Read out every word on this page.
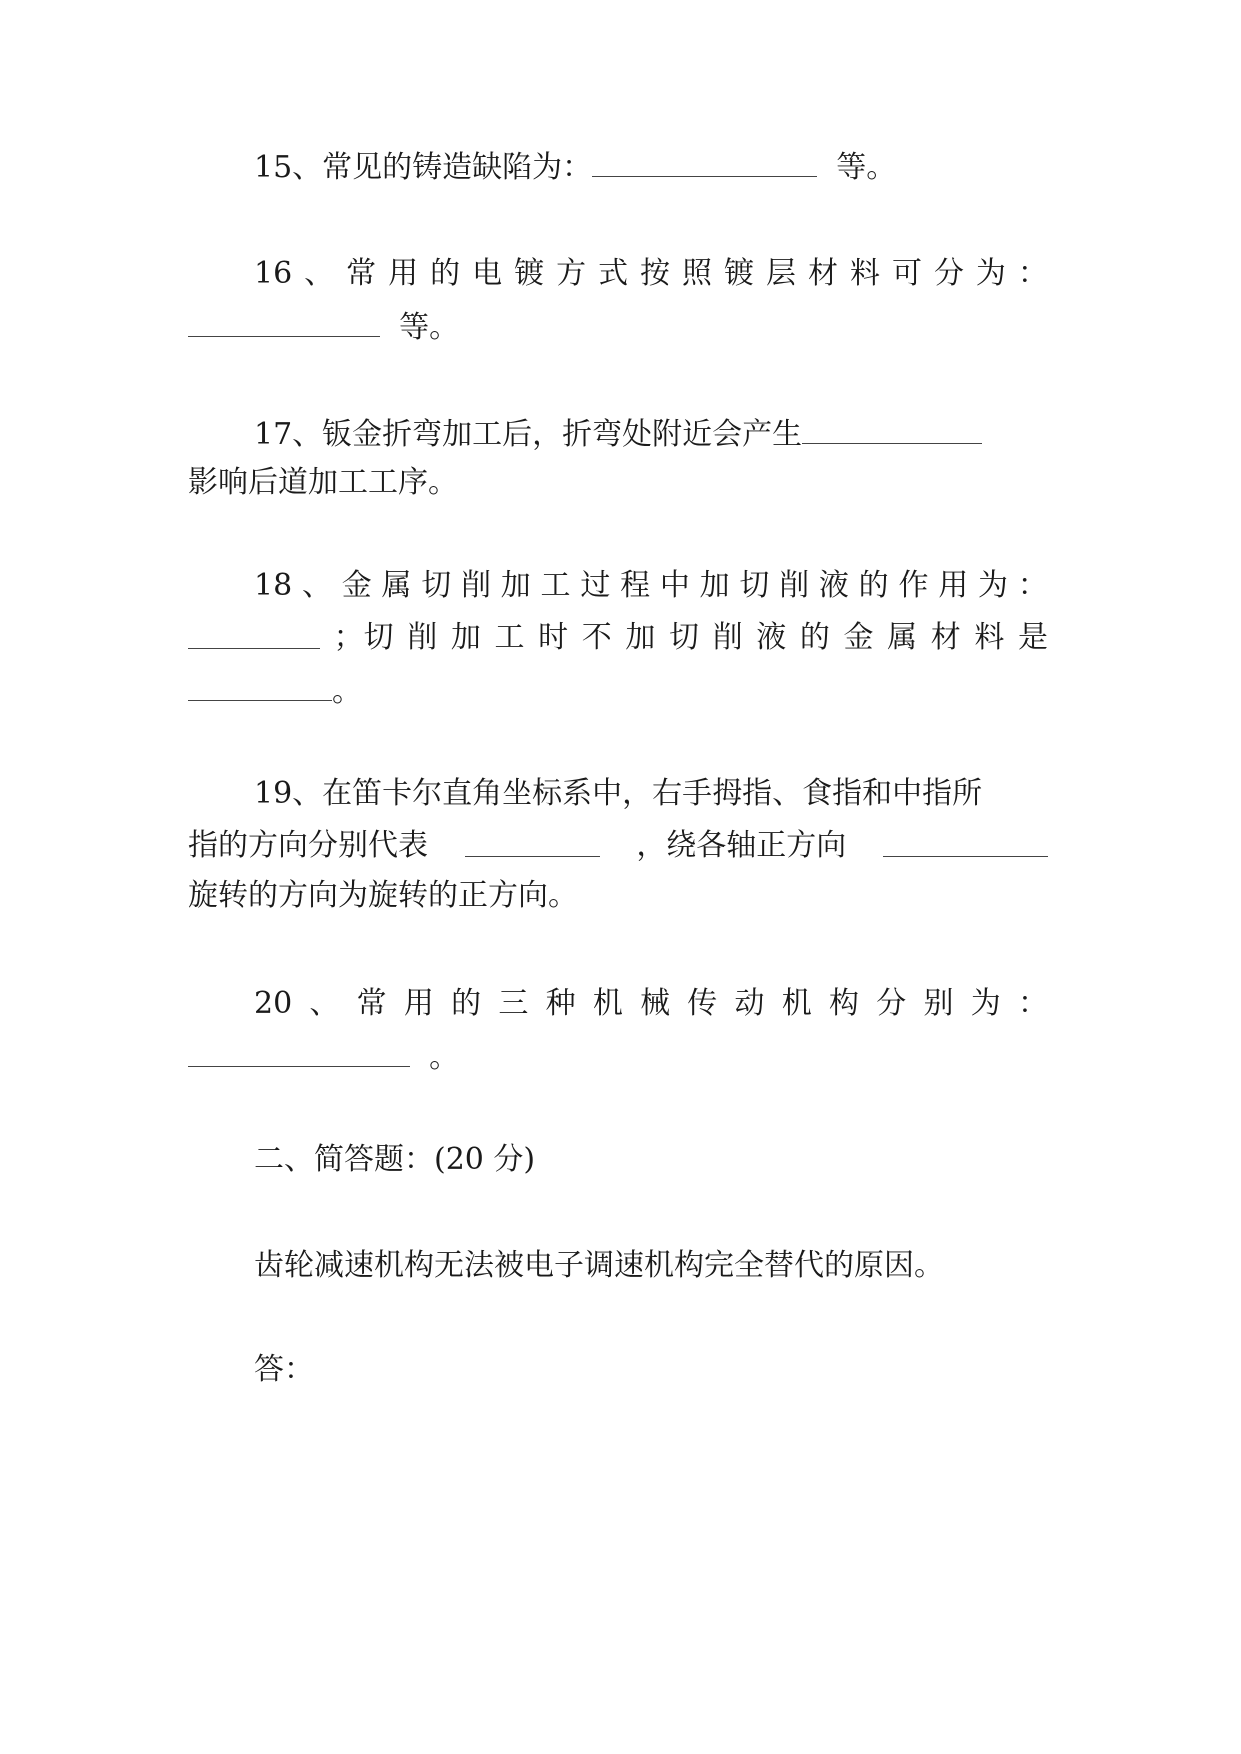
15、常见的铸造缺陷为：	等。
16 、 常 用 的 电 镀 方 式 按 照 镀 层 材 料 可 分 为 ：
等。
17、钣金折弯加工后，折弯处附近会产生
影响后道加工工序。
18 、 金 属 切 削 加 工 过 程 中 加 切 削 液 的 作 用 为 ：
；切 削 加 工 时 不 加 切 削 液 的 金 属 材 料 是
。
19、在笛卡尔直角坐标系中，右手拇指、食指和中指所
指的方向分别代表	，绕各轴正方向
旋转的方向为旋转的正方向。
20 、 常 用 的 三 种 机 械 传 动 机 构 分 别 为 ：
。
二、简答题：(20 分)
齿轮减速机构无法被电子调速机构完全替代的原因。
答：
